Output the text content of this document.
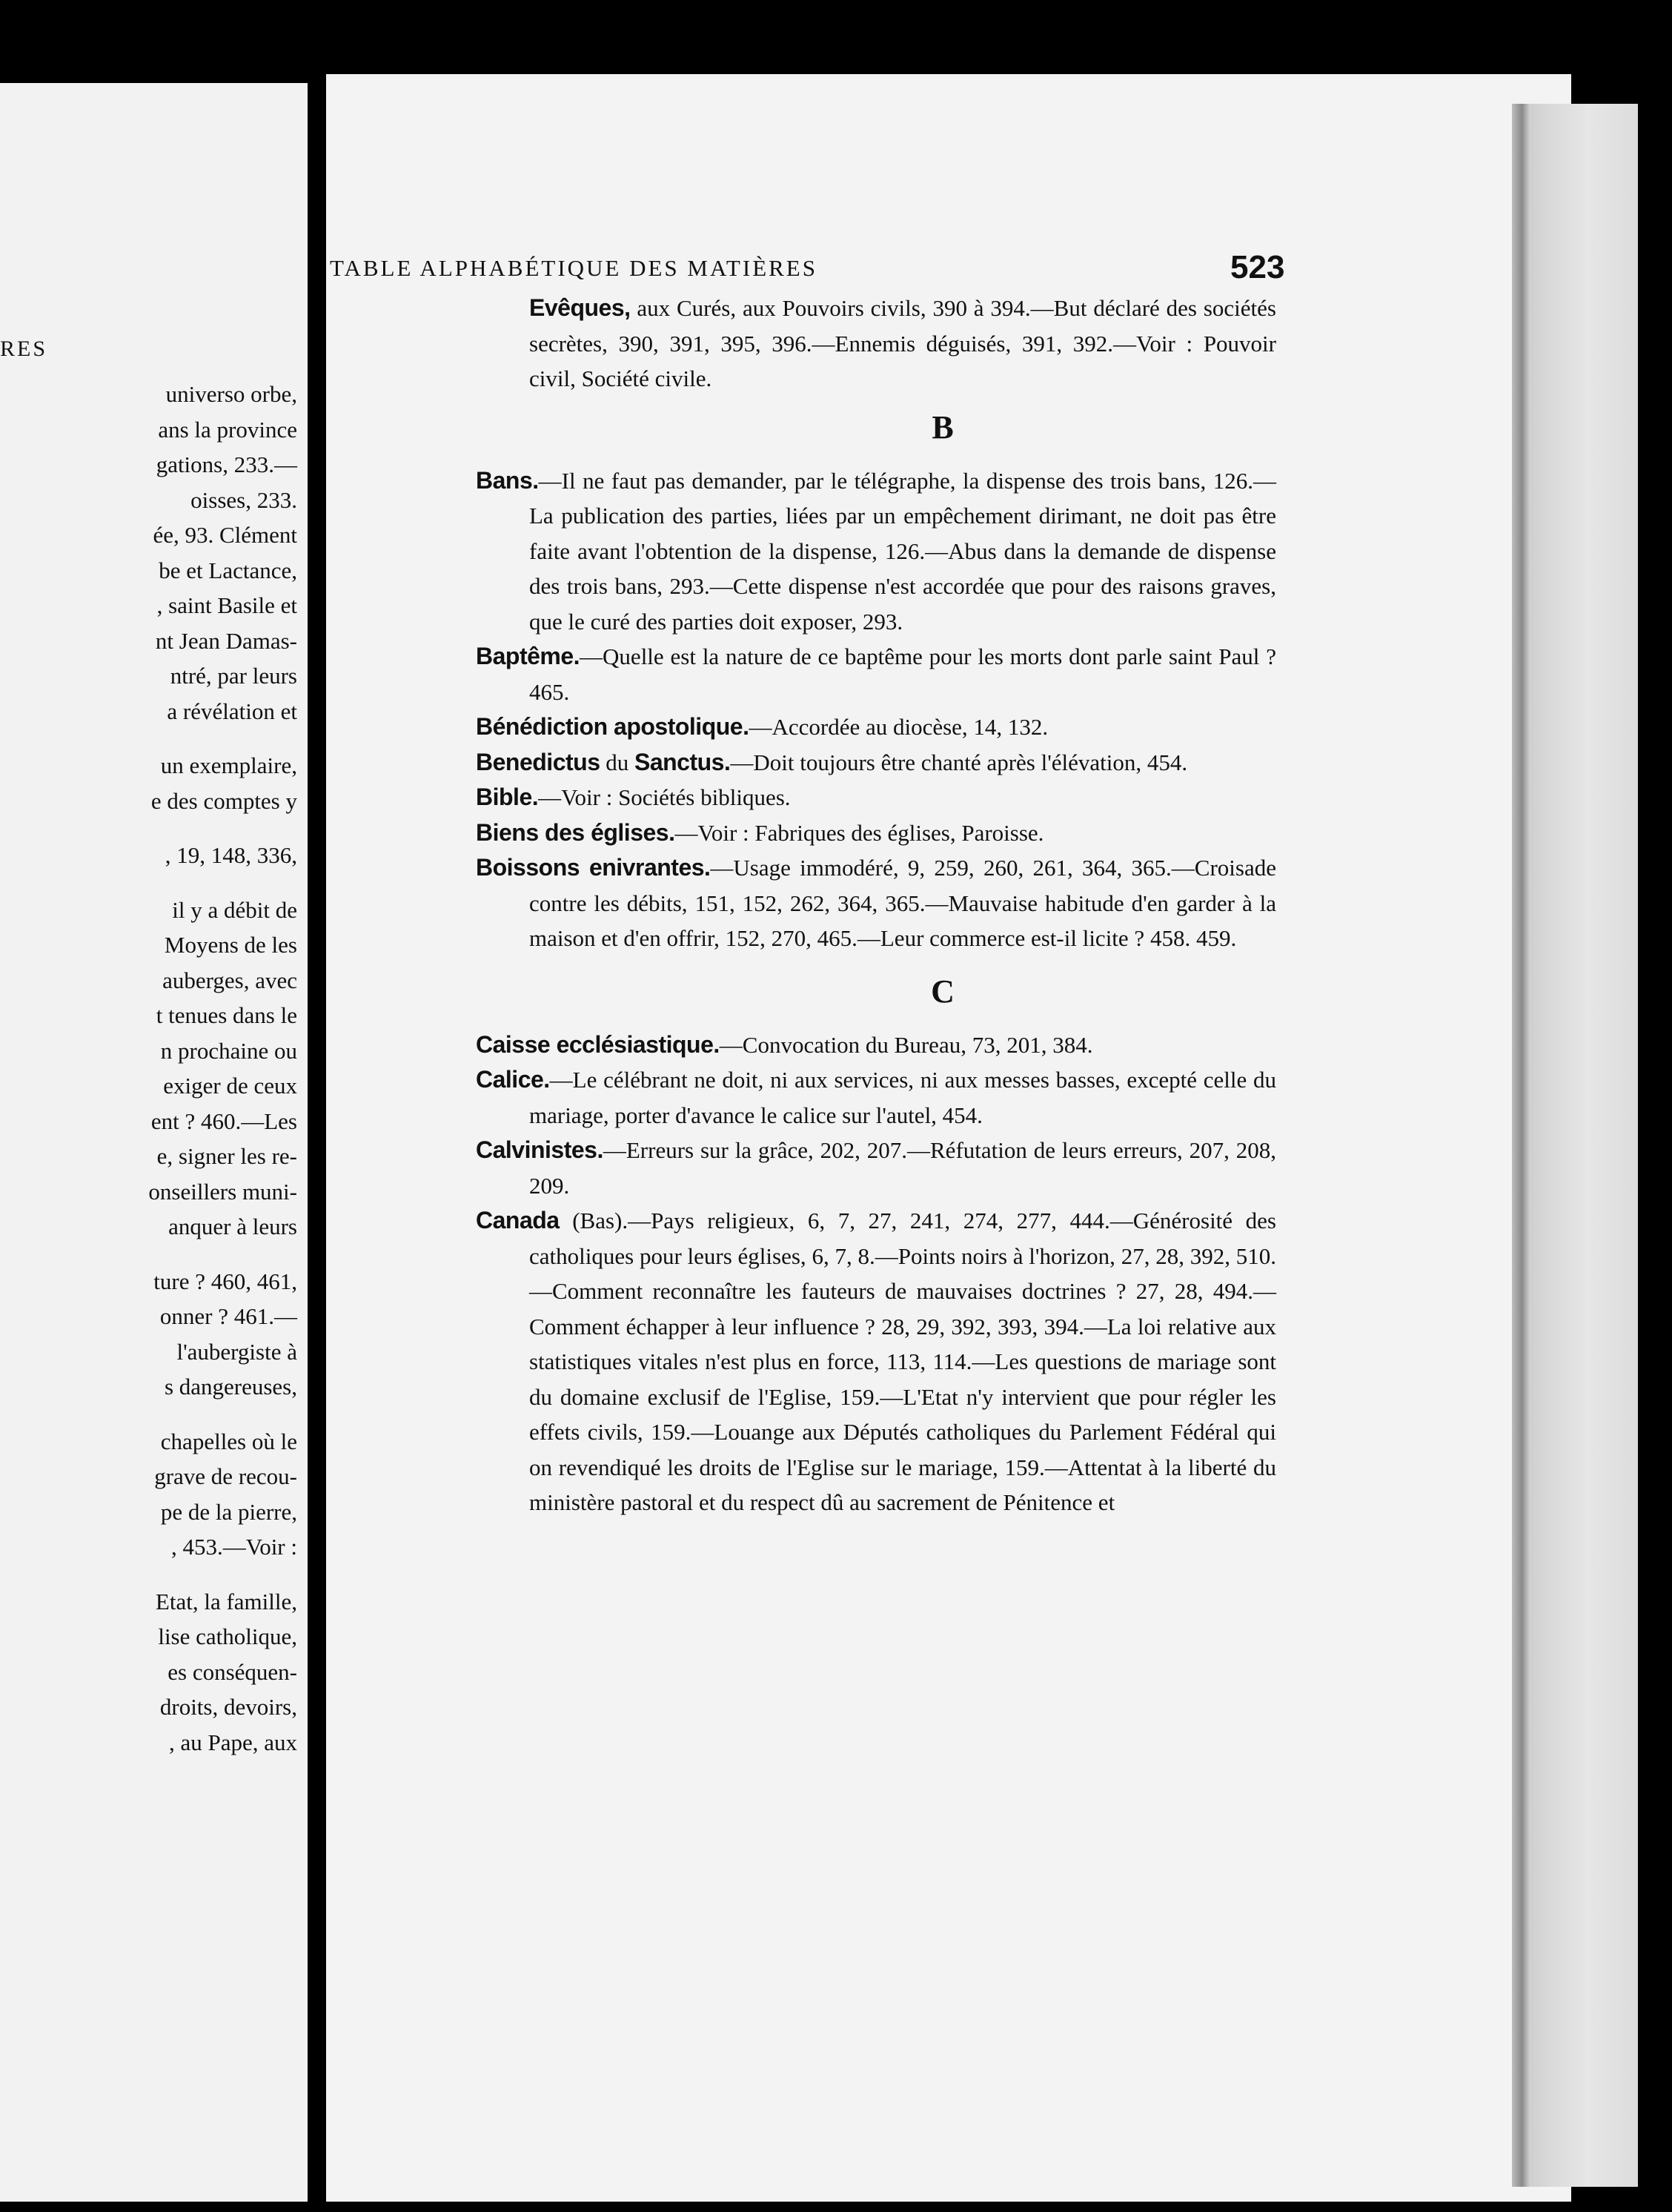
RES
universo orbe,
ans la province
gations, 233.—
oisses, 233.
ée, 93. Clément
be et Lactance,
, saint Basile et
nt Jean Damas-
ntré, par leurs
a révélation et
un exemplaire,
e des comptes y
, 19, 148, 336,
il y a débit de
Moyens de les
auberges, avec
t tenues dans le
n prochaine ou
exiger de ceux
ent ? 460.—Les
e, signer les re-
onseillers muni-
anquer à leurs
ture ? 460, 461,
onner ? 461.—
l'aubergiste à
s dangereuses,
chapelles où le
grave de recou-
pe de la pierre,
, 453.—Voir :
Etat, la famille,
lise catholique,
es conséquen-
droits, devoirs,
, au Pape, aux
TABLE ALPHABÉTIQUE DES MATIÈRES	523

Evêques, aux Curés, aux Pouvoirs civils, 390 à 394.—But déclaré des sociétés secrètes, 390, 391, 395, 396.—Ennemis déguisés, 391, 392.—Voir : Pouvoir civil, Société civile.

B

Bans.—Il ne faut pas demander, par le télégraphe, la dispense des trois bans, 126.—La publication des parties, liées par un empêchement dirimant, ne doit pas être faite avant l'obtention de la dispense, 126.—Abus dans la demande de dispense des trois bans, 293.—Cette dispense n'est accordée que pour des raisons graves, que le curé des parties doit exposer, 293.

Baptême.—Quelle est la nature de ce baptême pour les morts dont parle saint Paul ? 465.

Bénédiction apostolique.—Accordée au diocèse, 14, 132.

Benedictus du Sanctus.—Doit toujours être chanté après l'élévation, 454.

Bible.—Voir : Sociétés bibliques.

Biens des églises.—Voir : Fabriques des églises, Paroisse.

Boissons enivrantes.—Usage immodéré, 9, 259, 260, 261, 364, 365.—Croisade contre les débits, 151, 152, 262, 364, 365.—Mauvaise habitude d'en garder à la maison et d'en offrir, 152, 270, 465.—Leur commerce est-il licite ? 458. 459.

C

Caisse ecclésiastique.—Convocation du Bureau, 73, 201, 384.

Calice.—Le célébrant ne doit, ni aux services, ni aux messes basses, excepté celle du mariage, porter d'avance le calice sur l'autel, 454.

Calvinistes.—Erreurs sur la grâce, 202, 207.—Réfutation de leurs erreurs, 207, 208, 209.

Canada (Bas).—Pays religieux, 6, 7, 27, 241, 274, 277, 444.—Générosité des catholiques pour leurs églises, 6, 7, 8.—Points noirs à l'horizon, 27, 28, 392, 510.—Comment reconnaître les fauteurs de mauvaises doctrines ? 27, 28, 494.—Comment échapper à leur influence ? 28, 29, 392, 393, 394.—La loi relative aux statistiques vitales n'est plus en force, 113, 114.—Les questions de mariage sont du domaine exclusif de l'Eglise, 159.—L'Etat n'y intervient que pour régler les effets civils, 159.—Louange aux Députés catholiques du Parlement Fédéral qui on revendiqué les droits de l'Eglise sur le mariage, 159.—Attentat à la liberté du ministère pastoral et du respect dû au sacrement de Pénitence et
